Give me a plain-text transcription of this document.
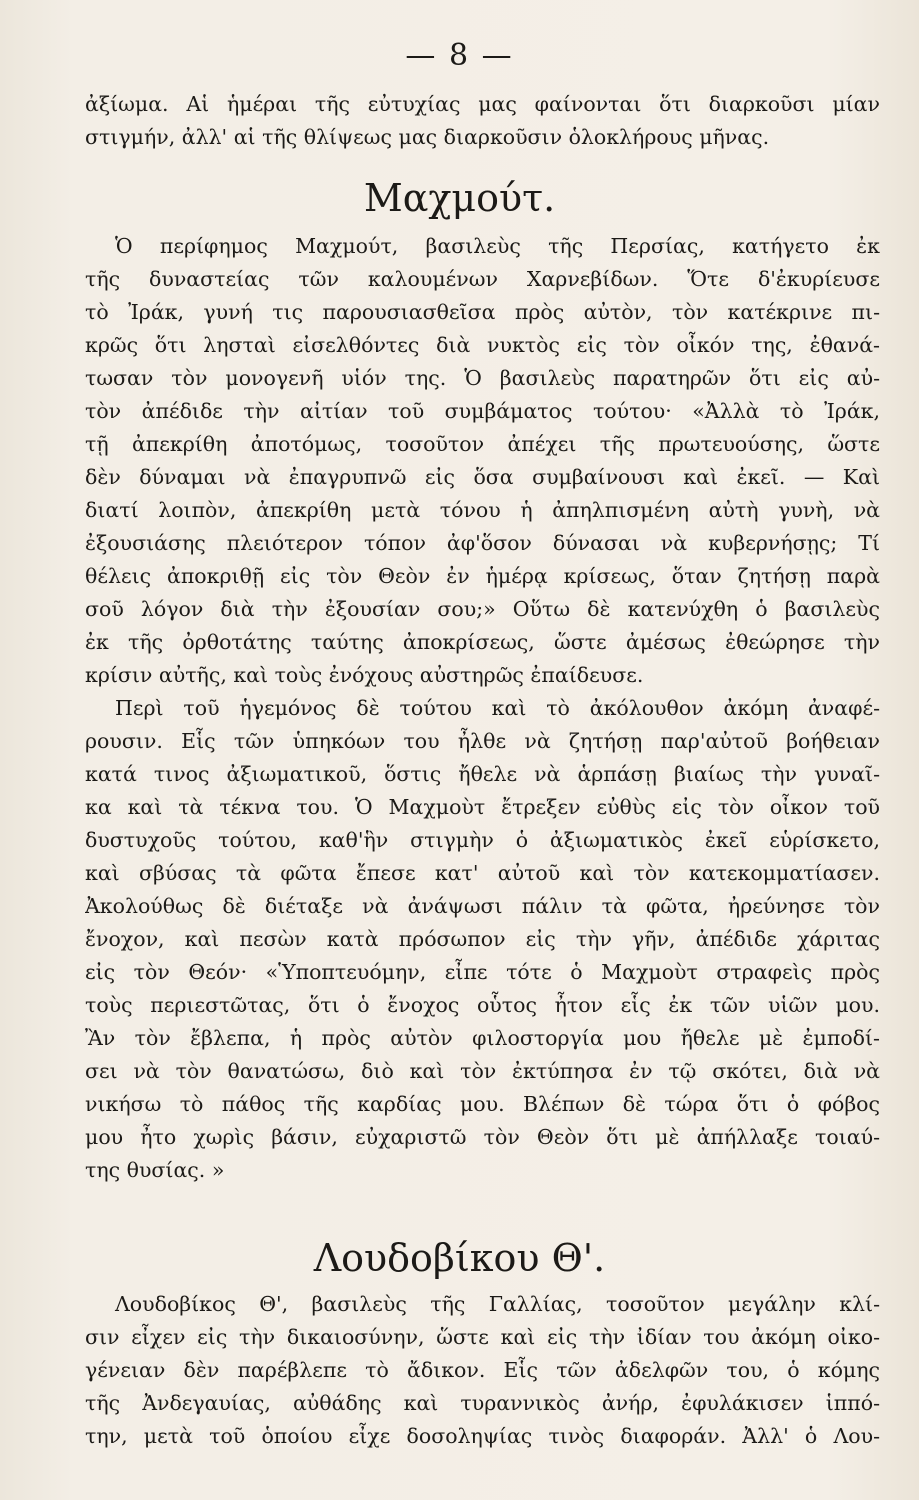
— 8 —
ἀξίωμα. Αἱ ἡμέραι τῆς εὐτυχίας μας φαίνονται ὅτι διαρκοῦσι μίαν
στιγμήν, ἀλλ' αἱ τῆς θλίψεως μας διαρκοῦσιν ὁλοκλήρους μῆνας.
Μαχμούτ.
Ὁ περίφημος Μαχμούτ, βασιλεὺς τῆς Περσίας, κατήγετο ἐκ
τῆς δυναστείας τῶν καλουμένων Χαρνεβίδων. Ὅτε δ'ἐκυρίευσε
τὸ Ἰράκ, γυνή τις παρουσιασθεῖσα πρὸς αὐτὸν, τὸν κατέκρινε πι-
κρῶς ὅτι λησταὶ εἰσελθόντες διὰ νυκτὸς εἰς τὸν οἶκόν της, ἐθανά-
τωσαν τὸν μονογενῆ υἱόν της. Ὁ βασιλεὺς παρατηρῶν ὅτι εἰς αὐ-
τὸν ἀπέδιδε τὴν αἰτίαν τοῦ συμβάματος τούτου· «Ἀλλὰ τὸ Ἰράκ,
τῇ ἀπεκρίθη ἀποτόμως, τοσοῦτον ἀπέχει τῆς πρωτευούσης, ὥστε
δὲν δύναμαι νὰ ἐπαγρυπνῶ εἰς ὅσα συμβαίνουσι καὶ ἐκεῖ. — Καὶ
διατί λοιπὸν, ἀπεκρίθη μετὰ τόνου ἡ ἀπηλπισμένη αὐτὴ γυνὴ, νὰ
ἐξουσιάσης πλειότερον τόπον ἀφ'ὅσον δύνασαι νὰ κυβερνήσῃς; Τί
θέλεις ἀποκριθῇ εἰς τὸν Θεὸν ἐν ἡμέρᾳ κρίσεως, ὅταν ζητήσῃ παρὰ
σοῦ λόγον διὰ τὴν ἐξουσίαν σου;» Οὕτω δὲ κατενύχθη ὁ βασιλεὺς
ἐκ τῆς ὀρθοτάτης ταύτης ἀποκρίσεως, ὥστε ἀμέσως ἐθεώρησε τὴν
κρίσιν αὐτῆς, καὶ τοὺς ἐνόχους αὐστηρῶς ἐπαίδευσε.
Περὶ τοῦ ἡγεμόνος δὲ τούτου καὶ τὸ ἀκόλουθον ἀκόμη ἀναφέ-
ρουσιν. Εἷς τῶν ὑπηκόων του ἦλθε νὰ ζητήσῃ παρ'αὐτοῦ βοήθειαν
κατά τινος ἀξιωματικοῦ, ὅστις ἤθελε νὰ ἁρπάσῃ βιαίως τὴν γυναῖ-
κα καὶ τὰ τέκνα του. Ὁ Μαχμοὺτ ἔτρεξεν εὐθὺς εἰς τὸν οἶκον τοῦ
δυστυχοῦς τούτου, καθ'ἣν στιγμὴν ὁ ἀξιωματικὸς ἐκεῖ εὑρίσκετο,
καὶ σβύσας τὰ φῶτα ἔπεσε κατ' αὐτοῦ καὶ τὸν κατεκομματίασεν.
Ἀκολούθως δὲ διέταξε νὰ ἀνάψωσι πάλιν τὰ φῶτα, ἠρεύνησε τὸν
ἔνοχον, καὶ πεσὼν κατὰ πρόσωπον εἰς τὴν γῆν, ἀπέδιδε χάριτας
εἰς τὸν Θεόν· «Ὑποπτευόμην, εἶπε τότε ὁ Μαχμοὺτ στραφεὶς πρὸς
τοὺς περιεστῶτας, ὅτι ὁ ἔνοχος οὗτος ἦτον εἷς ἐκ τῶν υἱῶν μου.
Ἂν τὸν ἔβλεπα, ἡ πρὸς αὐτὸν φιλοστοργία μου ἤθελε μὲ ἐμποδί-
σει νὰ τὸν θανατώσω, διὸ καὶ τὸν ἐκτύπησα ἐν τῷ σκότει, διὰ νὰ
νικήσω τὸ πάθος τῆς καρδίας μου. Βλέπων δὲ τώρα ὅτι ὁ φόβος
μου ἦτο χωρὶς βάσιν, εὐχαριστῶ τὸν Θεὸν ὅτι μὲ ἀπήλλαξε τοιαύ-
της θυσίας. »
Λουδοβίκου Θ'.
Λουδοβίκος Θ', βασιλεὺς τῆς Γαλλίας, τοσοῦτον μεγάλην κλί-
σιν εἶχεν εἰς τὴν δικαιοσύνην, ὥστε καὶ εἰς τὴν ἰδίαν του ἀκόμη οἰκο-
γένειαν δὲν παρέβλεπε τὸ ἄδικον. Εἷς τῶν ἀδελφῶν του, ὁ κόμης
τῆς Ἀνδεγαυίας, αὐθάδης καὶ τυραννικὸς ἀνήρ, ἐφυλάκισεν ἱππό-
την, μετὰ τοῦ ὁποίου εἶχε δοσοληψίας τινὸς διαφοράν. Ἀλλ' ὁ Λου-
